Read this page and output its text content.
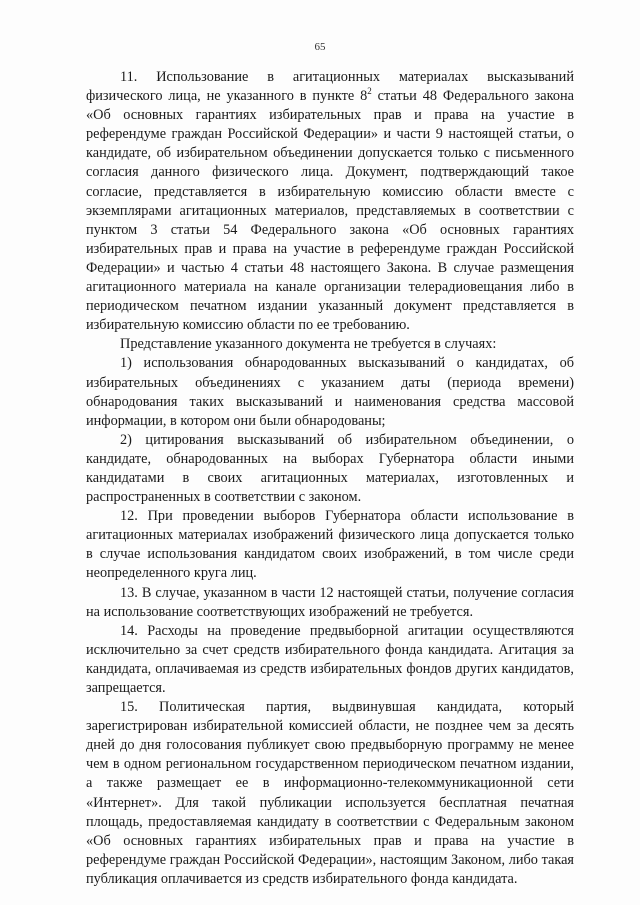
65

11. Использование в агитационных материалах высказываний физического лица, не указанного в пункте $8^2$ статьи 48 Федерального закона «Об основных гарантиях избирательных прав и права на участие в референдуме граждан Российской Федерации» и части 9 настоящей статьи, о кандидате, об избирательном объединении допускается только с письменного согласия данного физического лица. Документ, подтверждающий такое согласие, представляется в избирательную комиссию области вместе с экземплярами агитационных материалов, представляемых в соответствии с пунктом 3 статьи 54 Федерального закона «Об основных гарантиях избирательных прав и права на участие в референдуме граждан Российской Федерации» и частью 4 статьи 48 настоящего Закона. В случае размещения агитационного материала на канале организации телерадиовещания либо в периодическом печатном издании указанный документ представляется в избирательную комиссию области по ее требованию.

Представление указанного документа не требуется в случаях:

1) использования обнародованных высказываний о кандидатах, об избирательных объединениях с указанием даты (периода времени) обнародования таких высказываний и наименования средства массовой информации, в котором они были обнародованы;

2) цитирования высказываний об избирательном объединении, о кандидате, обнародованных на выборах Губернатора области иными кандидатами в своих агитационных материалах, изготовленных и распространенных в соответствии с законом.

12. При проведении выборов Губернатора области использование в агитационных материалах изображений физического лица допускается только в случае использования кандидатом своих изображений, в том числе среди неопределенного круга лиц.

13. В случае, указанном в части 12 настоящей статьи, получение согласия на использование соответствующих изображений не требуется.

14. Расходы на проведение предвыборной агитации осуществляются исключительно за счет средств избирательного фонда кандидата. Агитация за кандидата, оплачиваемая из средств избирательных фондов других кандидатов, запрещается.

15. Политическая партия, выдвинувшая кандидата, который зарегистрирован избирательной комиссией области, не позднее чем за десять дней до дня голосования публикует свою предвыборную программу не менее чем в одном региональном государственном периодическом печатном издании, а также размещает ее в информационно-телекоммуникационной сети «Интернет». Для такой публикации используется бесплатная печатная площадь, предоставляемая кандидату в соответствии с Федеральным законом «Об основных гарантиях избирательных прав и права на участие в референдуме граждан Российской Федерации», настоящим Законом, либо такая публикация оплачивается из средств избирательного фонда кандидата.
